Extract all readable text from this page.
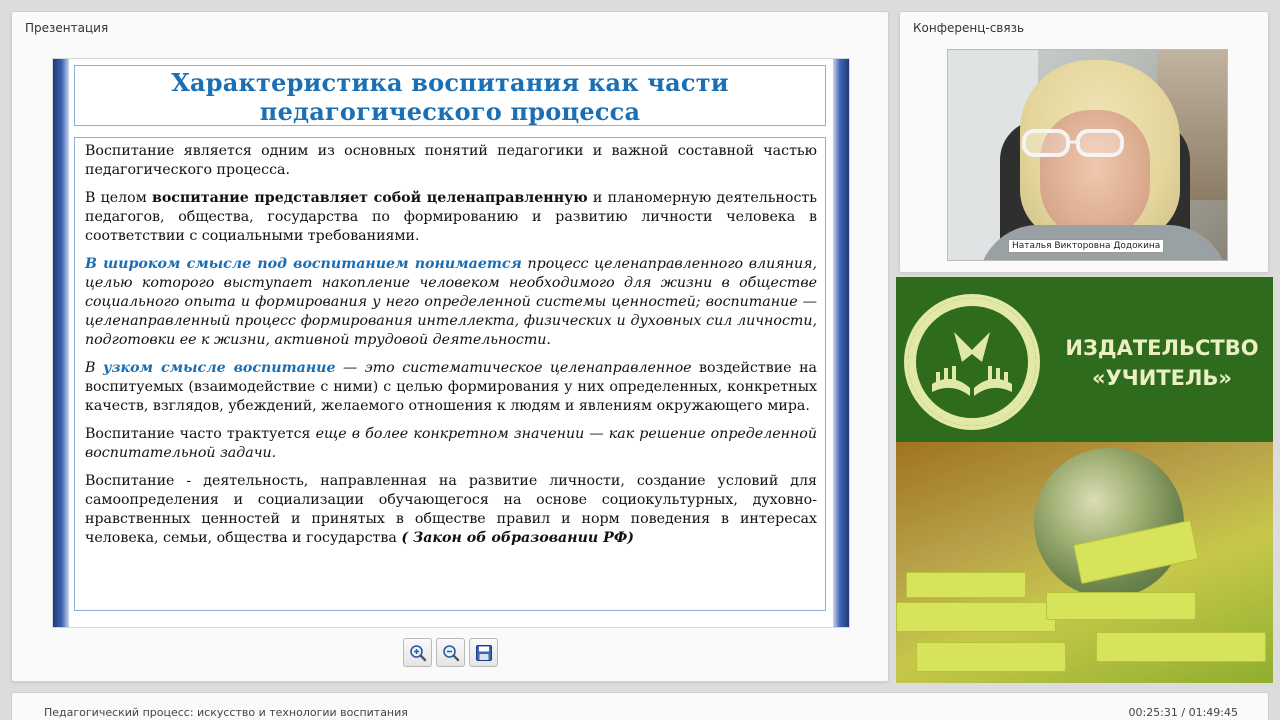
Презентация
Характеристика воспитания как части педагогического процесса

Воспитание является одним из основных понятий педагогики и важной составной частью педагогического процесса.

В целом воспитание представляет собой целенаправленную и планомерную деятельность педагогов, общества, государства по формированию и развитию личности человека в соответствии с социальными требованиями.

В широком смысле под воспитанием понимается процесс целенаправленного влияния, целью которого выступает накопление человеком необходимого для жизни в обществе социального опыта и формирования у него определенной системы ценностей; воспитание — целенаправленный процесс формирования интеллекта, физических и духовных сил личности, подготовки ее к жизни, активной трудовой деятельности.

В узком смысле воспитание — это систематическое целенаправленное воздействие на воспитуемых (взаимодействие с ними) с целью формирования у них определенных, конкретных качеств, взглядов, убеждений, желаемого отношения к людям и явлениям окружающего мира.

Воспитание часто трактуется еще в более конкретном значении — как решение определенной воспитательной задачи.

Воспитание - деятельность, направленная на развитие личности, создание условий для самоопределения и социализации обучающегося на основе социокультурных, духовно-нравственных ценностей и принятых в обществе правил и норм поведения в интересах человека, семьи, общества и государства ( Закон об образовании РФ)

Конференц-связь
Наталья Викторовна Додокина
ИЗДАТЕЛЬСТВО
«УЧИТЕЛЬ»
Педагогический процесс: искусство и технологии воспитания	00:25:31 / 01:49:45
